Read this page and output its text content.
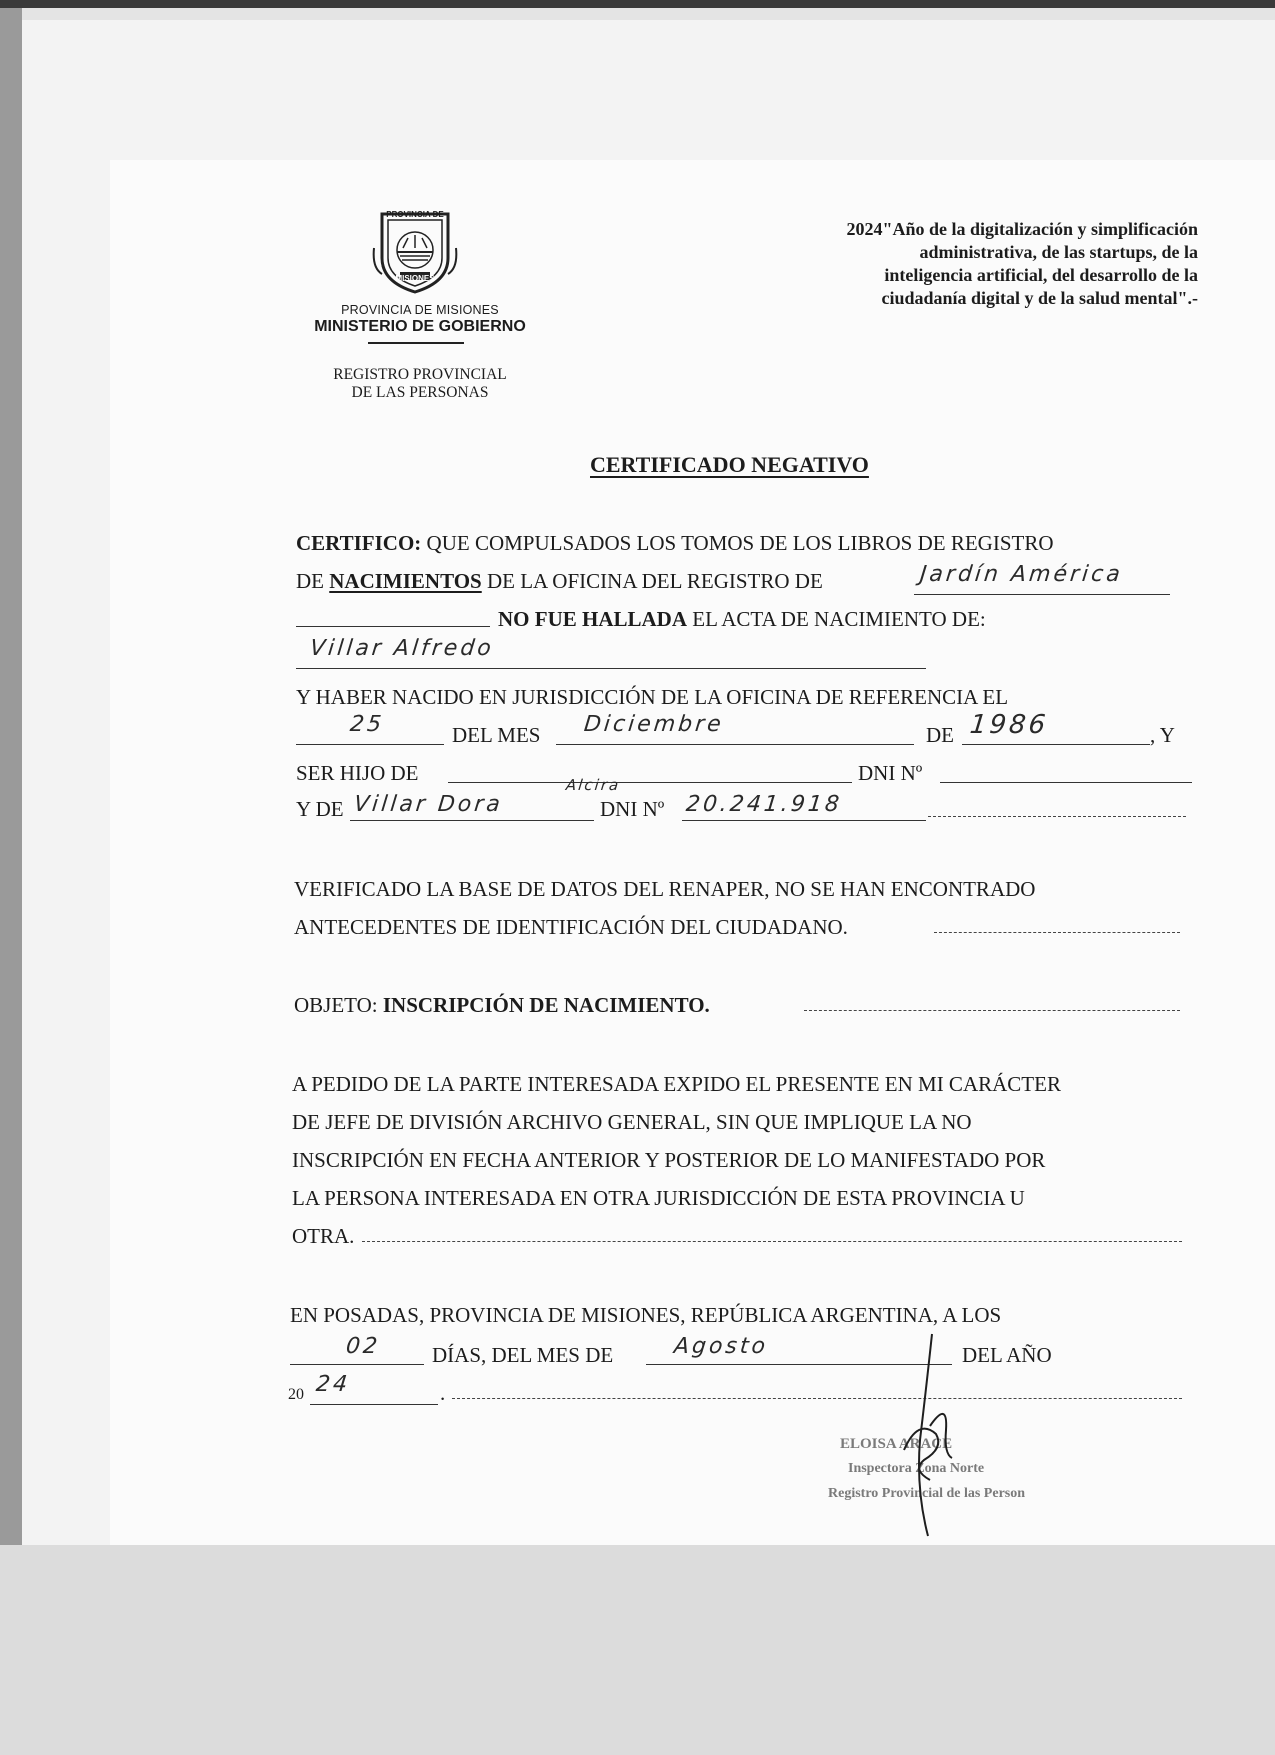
PROVINCIA DE
MISIONES
PROVINCIA DE MISIONES
MINISTERIO DE GOBIERNO
REGISTRO PROVINCIAL
DE LAS PERSONAS
2024"Año de la digitalización y simplificación
administrativa, de las startups, de la
inteligencia artificial, del desarrollo de la
ciudadanía digital y de la salud mental".-
CERTIFICADO NEGATIVO
CERTIFICO: QUE COMPULSADOS LOS TOMOS DE LOS LIBROS DE REGISTRO
DE NACIMIENTOS DE LA OFICINA DEL REGISTRO DE	Jardín América
NO FUE HALLADA EL ACTA DE NACIMIENTO DE:
Villar Alfredo
Y HABER NACIDO EN JURISDICCIÓN DE LA OFICINA DE REFERENCIA EL
25	DEL MES Diciembre	DE 1986	, Y
SER HIJO DE	DNI Nº
Y DE Villar Dora
Alcira
DNI Nº 20.241.918
VERIFICADO LA BASE DE DATOS DEL RENAPER, NO SE HAN ENCONTRADO
ANTECEDENTES DE IDENTIFICACIÓN DEL CIUDADANO.
OBJETO: INSCRIPCIÓN DE NACIMIENTO.
A PEDIDO DE LA PARTE INTERESADA EXPIDO EL PRESENTE EN MI CARÁCTER
DE JEFE DE DIVISIÓN ARCHIVO GENERAL, SIN QUE IMPLIQUE LA NO
INSCRIPCIÓN EN FECHA ANTERIOR Y POSTERIOR DE LO MANIFESTADO POR
LA PERSONA INTERESADA EN OTRA JURISDICCIÓN DE ESTA PROVINCIA U
OTRA.
EN POSADAS, PROVINCIA DE MISIONES, REPÚBLICA ARGENTINA, A LOS
02 DÍAS, DEL MES DE	Agosto	DEL AÑO
20 24	.
ELOISA ARACE
Inspectora Zona Norte
Registro Provincial de las Person
